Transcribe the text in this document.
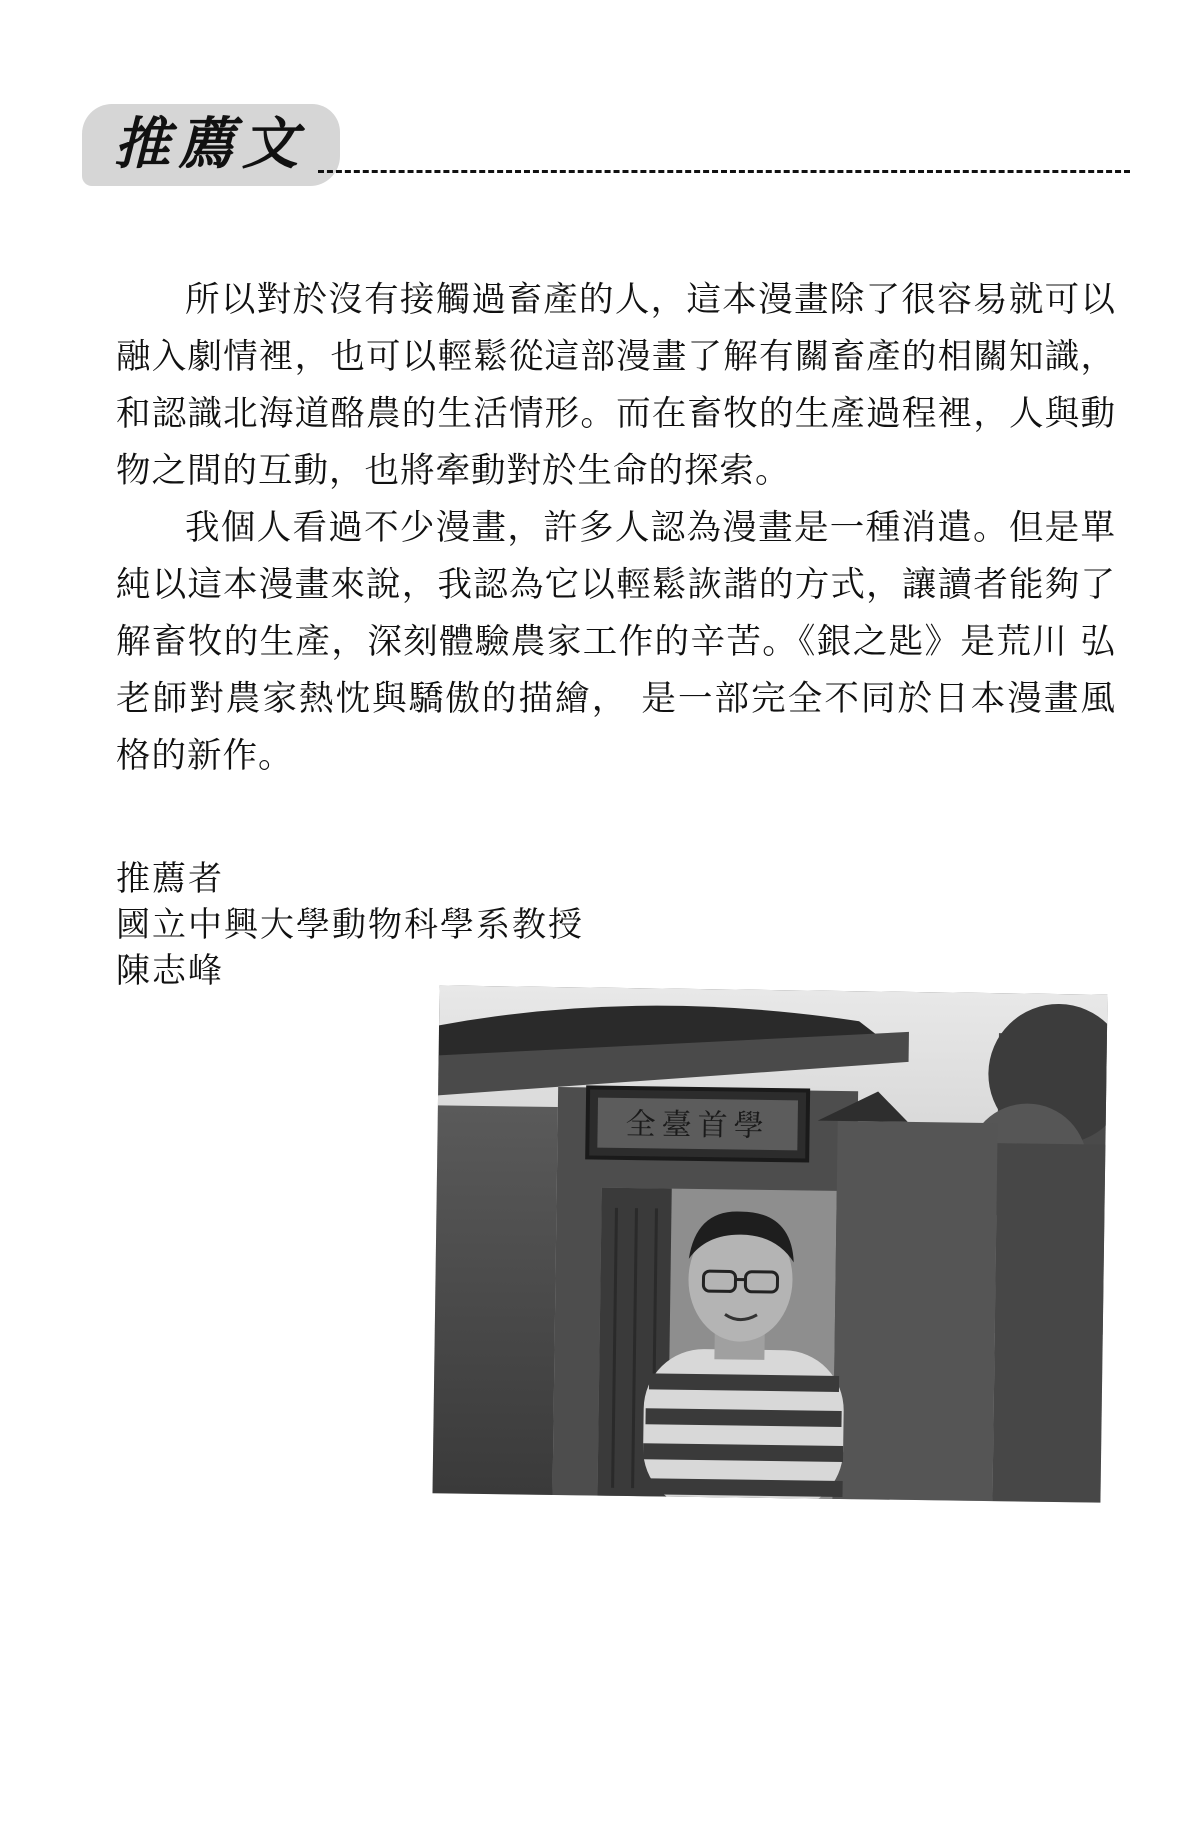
推薦文

所以對於沒有接觸過畜產的人，這本漫畫除了很容易就可以融入劇情裡，也可以輕鬆從這部漫畫了解有關畜產的相關知識，和認識北海道酪農的生活情形。而在畜牧的生產過程裡，人與動物之間的互動，也將牽動對於生命的探索。

我個人看過不少漫畫，許多人認為漫畫是一種消遣。但是單純以這本漫畫來說，我認為它以輕鬆詼諧的方式，讓讀者能夠了解畜牧的生產，深刻體驗農家工作的辛苦。《銀之匙》是荒川 弘老師對農家熱忱與驕傲的描繪， 是一部完全不同於日本漫畫風格的新作。

推薦者
國立中興大學動物科學系教授
陳志峰
全臺首學
